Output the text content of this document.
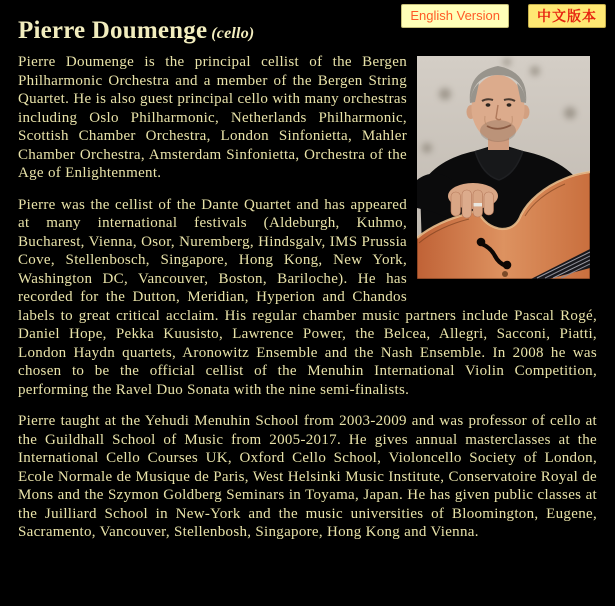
English Version	中文版本
Pierre Doumenge (cello)

Pierre Doumenge is the principal cellist of the Bergen Philharmonic Orchestra and a member of the Bergen String Quartet. He is also guest principal cello with many orchestras including Oslo Philharmonic, Netherlands Philharmonic, Scottish Chamber Orchestra, London Sinfonietta, Mahler Chamber Orchestra, Amsterdam Sinfonietta, Orchestra of the Age of Enlightenment.

Pierre was the cellist of the Dante Quartet and has appeared at many international festivals (Aldeburgh, Kuhmo, Bucharest, Vienna, Osor, Nuremberg, Hindsgalv, IMS Prussia Cove, Stellenbosch, Singapore, Hong Kong, New York, Washington DC, Vancouver, Boston, Bariloche). He has recorded for the Dutton, Meridian, Hyperion and Chandos labels to great critical acclaim. His regular chamber music partners include Pascal Rogé, Daniel Hope, Pekka Kuusisto, Lawrence Power, the Belcea, Allegri, Sacconi, Piatti, London Haydn quartets, Aronowitz Ensemble and the Nash Ensemble. In 2008 he was chosen to be the official cellist of the Menuhin International Violin Competition, performing the Ravel Duo Sonata with the nine semi-finalists.

Pierre taught at the Yehudi Menuhin School from 2003-2009 and was professor of cello at the Guildhall School of Music from 2005-2017. He gives annual masterclasses at the International Cello Courses UK, Oxford Cello School, Violoncello Society of London, Ecole Normale de Musique de Paris, West Helsinki Music Institute, Conservatoire Royal de Mons and the Szymon Goldberg Seminars in Toyama, Japan. He has given public classes at the Juilliard School in New-York and the music universities of Bloomington, Eugene, Sacramento, Vancouver, Stellenbosh, Singapore, Hong Kong and Vienna.
